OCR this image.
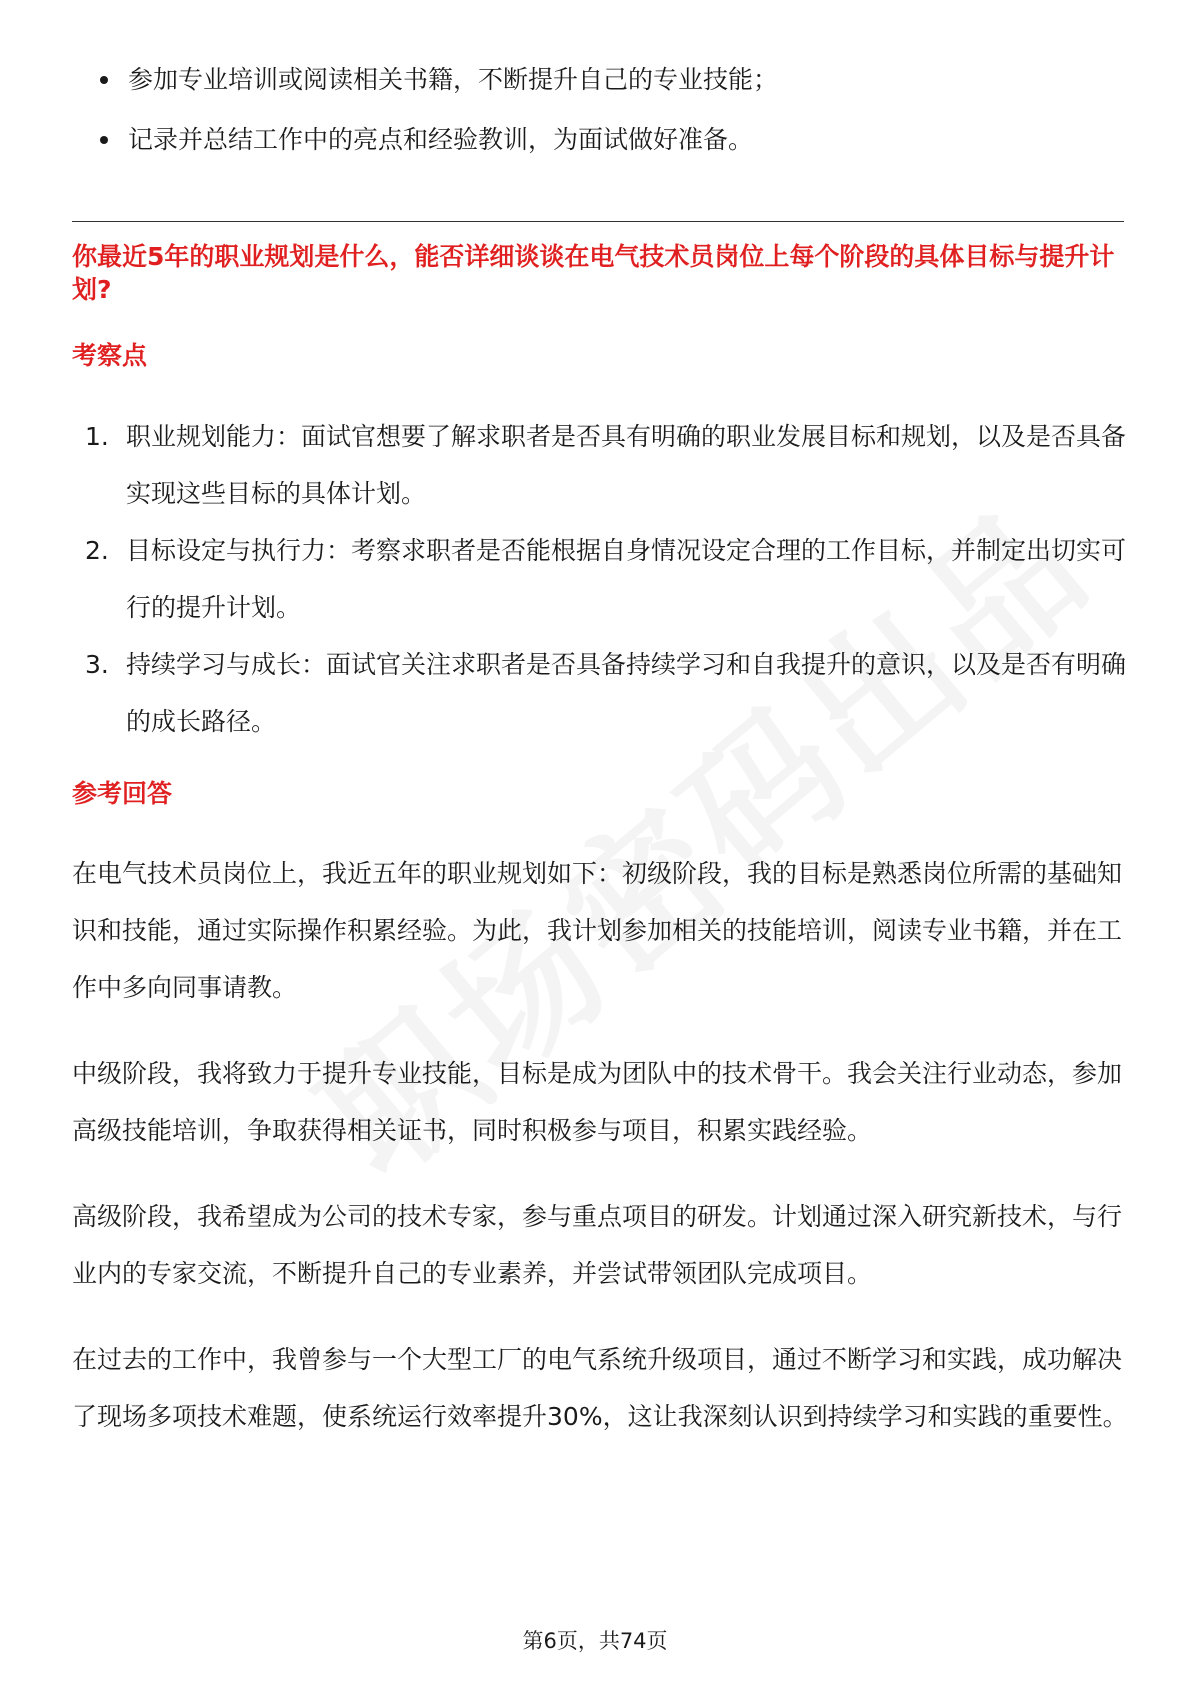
参加专业培训或阅读相关书籍，不断提升自己的专业技能；
记录并总结工作中的亮点和经验教训，为面试做好准备。
你最近5年的职业规划是什么，能否详细谈谈在电气技术员岗位上每个阶段的具体目标与提升计划?
考察点
1. 职业规划能力：面试官想要了解求职者是否具有明确的职业发展目标和规划，以及是否具备实现这些目标的具体计划。
2. 目标设定与执行力：考察求职者是否能根据自身情况设定合理的工作目标，并制定出切实可行的提升计划。
3. 持续学习与成长：面试官关注求职者是否具备持续学习和自我提升的意识，以及是否有明确的成长路径。
参考回答

在电气技术员岗位上，我近五年的职业规划如下：初级阶段，我的目标是熟悉岗位所需的基础知识和技能，通过实际操作积累经验。为此，我计划参加相关的技能培训，阅读专业书籍，并在工作中多向同事请教。

中级阶段，我将致力于提升专业技能，目标是成为团队中的技术骨干。我会关注行业动态，参加高级技能培训，争取获得相关证书，同时积极参与项目，积累实践经验。

高级阶段，我希望成为公司的技术专家，参与重点项目的研发。计划通过深入研究新技术，与行业内的专家交流，不断提升自己的专业素养，并尝试带领团队完成项目。

在过去的工作中，我曾参与一个大型工厂的电气系统升级项目，通过不断学习和实践，成功解决了现场多项技术难题，使系统运行效率提升30%，这让我深刻认识到持续学习和实践的重要性。

第6页，共74页
